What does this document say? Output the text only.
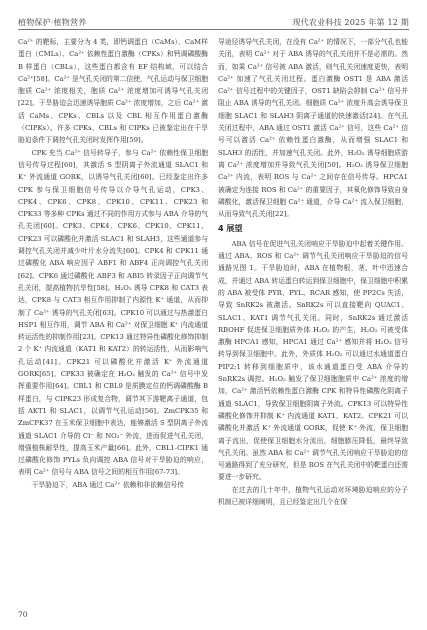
植物保护·植物营养	现代农业科技 2025 年第 12 期

Ca²⁺ 的靶标，主要分为 4 类，即钙调蛋白（CaMs）、CaM样蛋白（CMLs）、Ca²⁺ 依赖性蛋白激酶（CPKs）和钙调磷酸酶 B 样蛋白（CBLs），这些蛋白都含有 EF 结构域，可以结合 Ca²⁺[58]。Ca²⁺ 是气孔关闭的第二信使，气孔运动与保卫细胞胞质 Ca²⁺ 浓度相关，胞质 Ca²⁺ 浓度增加可诱导气孔关闭[22]。干旱胁迫会迅速诱导胞质 Ca²⁺ 浓度增加，之后 Ca²⁺ 激活 CaMs、CPKs、CBLs 以及 CBL 相互作用蛋白激酶（CIPKs）。许多 CPKs、CBLs 和 CIPKs 已被鉴定出在干旱胁迫条件下调控气孔关闭时发挥作用[59]。

CPK 充当 Ca²⁺ 信号转导子，参与 Ca²⁺ 依赖性保卫细胞信号传导过程[60]，其激活 S 型阴离子外流通道 SLAC1 和 K⁺ 外流通道 GORK，以诱导气孔关闭[60]。已经鉴定出许多 CPK 参与保卫细胞信号传导以介导气孔运动，CPK3、CPK4、CPK6、CPK8、CPK10、CPK11、CPK23 和 CPK33 等多种 CPKs 通过不同的作用方式参与 ABA 介导的气孔关闭[60]。CPK3、CPK4、CPK6、CPK10、CPK11、CPK23 可以磷酸化并激活 SLAC1 和 SLAH3，这些通道参与调控气孔关闭并减少叶片水分流失[60]。CPK4 和 CPK11 通过磷酸化 ABA 响应因子 ABF1 和 ABF4 正向调控气孔关闭[62]。CPK6 通过磷酸化 ABF3 和 ABI5 转录因子正向调节气孔关闭，提高植物抗旱性[58]。H₂O₂ 诱导 CPK8 和 CAT3 表达，CPK8 与 CAT3 相互作用抑制了内源性 K⁺ 通道，从而抑制了 Ca²⁺ 诱导的气孔关闭[63]。CPK10 可以通过与热激蛋白 HSP1 相互作用，调节 ABA 和 Ca²⁺ 对保卫细胞 K⁺ 内流通道转运活性的抑制作用[23]。CPK13 通过特异性磷酸化修饰抑制 2 个 K⁺ 内流通道（KAT1 和 KAT2）的转运活性，从而影响气孔运动[41]。CPK21 可以磷酸化并激活 K⁺ 外流通道 GORK[65]。CPK33 被确定在 H₂O₂ 触发的 Ca²⁺ 信号中发挥重要作用[64]。CBL1 和 CBL9 是质膜定位的钙调磷酸酶 B 样蛋白，与 CIPK23 形成复合物，调节其下游靶离子通道，包括 AKT1 和 SLAC1，以调节气孔运动[56]。ZmCPK35 和 ZmCPK37 在玉米保卫细胞中表达，能够激活 S 型阴离子外流通道 SLAC1 介导的 Cl⁻ 和 NO₃⁻ 外流，进而促进气孔关闭，增强植株耐旱性，提高玉米产量[66]。此外，CBL1-CIPK1 通过磷酸化修饰 PYLs 负向调控 ABA 信号对干旱胁迫的响应，表明 Ca²⁺ 信号与 ABA 信号之间的相互作用[67-73]。

干旱胁迫下，ABA 通过 Ca²⁺ 依赖和非依赖信号传

导途径诱导气孔关闭，在没有 Ca²⁺ 的情况下，一部分气孔也能关闭，表明 Ca²⁺ 对于 ABA 诱导的气孔关闭并不是必需的。然而，如果 Ca²⁺ 信号被 ABA 激活，则气孔关闭速度更快，表明 Ca²⁺ 加速了气孔关闭过程。蛋白激酶 OST1 是 ABA 激活 Ca²⁺ 信号过程中的关键因子，OST1 缺陷会抑制 Ca²⁺ 信号并阻止 ABA 诱导的气孔关闭。细胞质 Ca²⁺ 浓度升高会诱导保卫细胞 SLAC1 和 SLAH3 阴离子通道的快速激活[24]。在气孔关闭过程中，ABA 通过 OST1 激活 Ca²⁺ 信号，这些 Ca²⁺ 信号可以激活 Ca²⁺ 依赖性蛋白激酶，从而增强 SLAC1 和 SLAH3 的活性，并加速气孔关闭。此外，H₂O₂ 诱导细胞质游离 Ca²⁺ 浓度增加并导致气孔关闭[50]。H₂O₂ 诱导保卫细胞 Ca²⁺ 内流，表明 ROS 与 Ca²⁺ 之间存在信号传导。HPCA1 被确定为连接 ROS 和 Ca²⁺ 的重要因子，其氧化修饰导致自身磷酸化，激活保卫细胞 Ca²⁺ 通道，介导 Ca²⁺ 流入保卫细胞，从而导致气孔关闭[22]。

4 展望

ABA 信号在促进气孔关闭响应干旱胁迫中起着关键作用。通过 ABA、ROS 和 Ca²⁺ 调节气孔关闭响应干旱胁迫的信号通路见图 1。干旱胁迫时，ABA 在植物根、茎、叶中迅速合成，并通过 ABA 转运蛋白转运到保卫细胞中，保卫细胞中积累的 ABA 被受体 PYR、PYL、RCAR 感知，使 PP2Cs 失活，导致 SnRK2s 被激活。SnRK2s 可以直接靶向 QUAC1、SLAC1、KAT1 调节气孔关闭。同时，SnRK2s 通过激活 RBOHF 促进保卫细胞质外体 H₂O₂ 的产生，H₂O₂ 可被受体激酶 HPCA1 感知，HPCA1 通过 Ca²⁺ 感知并将 H₂O₂ 信号转导到保卫细胞中。此外，外质体 H₂O₂ 可以通过水通道蛋白 PIP2;1 转移到细胞质中，该水通道蛋白受 ABA 介导的 SnRK2s 调控。H₂O₂ 触发了保卫细胞胞质中 Ca²⁺ 浓度的增加，Ca²⁺ 激活钙依赖性蛋白激酶 CPK 和特异性磷酸化阴离子通道 SLAC1，导致保卫细胞阴离子外流。CPK13 可以特异性磷酸化修饰并抑制 K⁺ 内流通道 KAT1、KAT2。CPK21 可以磷酸化并激活 K⁺ 外流通道 GORK，促使 K⁺ 外流，保卫细胞离子流出，促使保卫细胞水分流出，细胞膨压降低，最终导致气孔关闭。虽然 ABA 和 Ca²⁺ 调节气孔关闭响应干旱胁迫的信号通路得到了充分研究，但是 ROS 在气孔关闭中的靶蛋白还需要进一步研究。

在过去的几十年中，植物气孔运动对环境胁迫响应的分子机制已被详细阐明，且已经鉴定出几个在保

70
